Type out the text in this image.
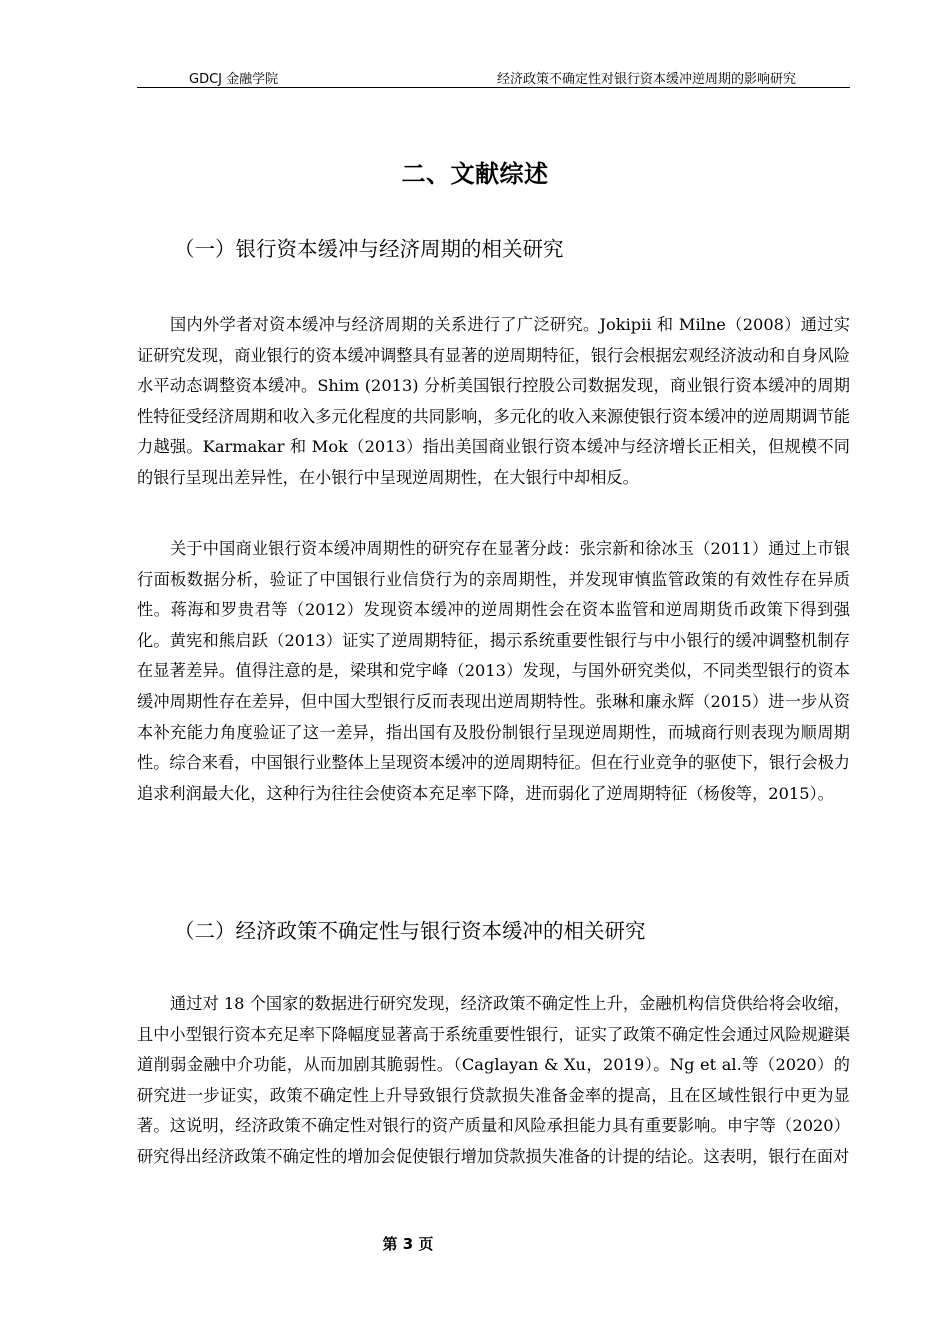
GDCJ 金融学院	经济政策不确定性对银行资本缓冲逆周期的影响研究
二、文献综述
（一）银行资本缓冲与经济周期的相关研究

国内外学者对资本缓冲与经济周期的关系进行了广泛研究。Jokipii 和 Milne（2008）通过实证研究发现，商业银行的资本缓冲调整具有显著的逆周期特征，银行会根据宏观经济波动和自身风险水平动态调整资本缓冲。Shim (2013) 分析美国银行控股公司数据发现，商业银行资本缓冲的周期性特征受经济周期和收入多元化程度的共同影响，多元化的收入来源使银行资本缓冲的逆周期调节能力越强。Karmakar 和 Mok（2013）指出美国商业银行资本缓冲与经济增长正相关，但规模不同的银行呈现出差异性，在小银行中呈现逆周期性，在大银行中却相反。

关于中国商业银行资本缓冲周期性的研究存在显著分歧：张宗新和徐冰玉（2011）通过上市银行面板数据分析，验证了中国银行业信贷行为的亲周期性，并发现审慎监管政策的有效性存在异质性。蒋海和罗贵君等（2012）发现资本缓冲的逆周期性会在资本监管和逆周期货币政策下得到强化。黄宪和熊启跃（2013）证实了逆周期特征，揭示系统重要性银行与中小银行的缓冲调整机制存在显著差异。值得注意的是，梁琪和党宇峰（2013）发现，与国外研究类似，不同类型银行的资本缓冲周期性存在差异，但中国大型银行反而表现出逆周期特性。张琳和廉永辉（2015）进一步从资本补充能力角度验证了这一差异，指出国有及股份制银行呈现逆周期性，而城商行则表现为顺周期性。综合来看，中国银行业整体上呈现资本缓冲的逆周期特征。但在行业竞争的驱使下，银行会极力追求利润最大化，这种行为往往会使资本充足率下降，进而弱化了逆周期特征（杨俊等，2015）。

（二）经济政策不确定性与银行资本缓冲的相关研究

通过对 18 个国家的数据进行研究发现，经济政策不确定性上升，金融机构信贷供给将会收缩，且中小型银行资本充足率下降幅度显著高于系统重要性银行，证实了政策不确定性会通过风险规避渠道削弱金融中介功能，从而加剧其脆弱性。（Caglayan & Xu，2019）。Ng et al.等（2020）的研究进一步证实，政策不确定性上升导致银行贷款损失准备金率的提高，且在区域性银行中更为显著。这说明，经济政策不确定性对银行的资产质量和风险承担能力具有重要影响。申宇等（2020）研究得出经济政策不确定性的增加会促使银行增加贷款损失准备的计提的结论。这表明，银行在面对

第 3 页
